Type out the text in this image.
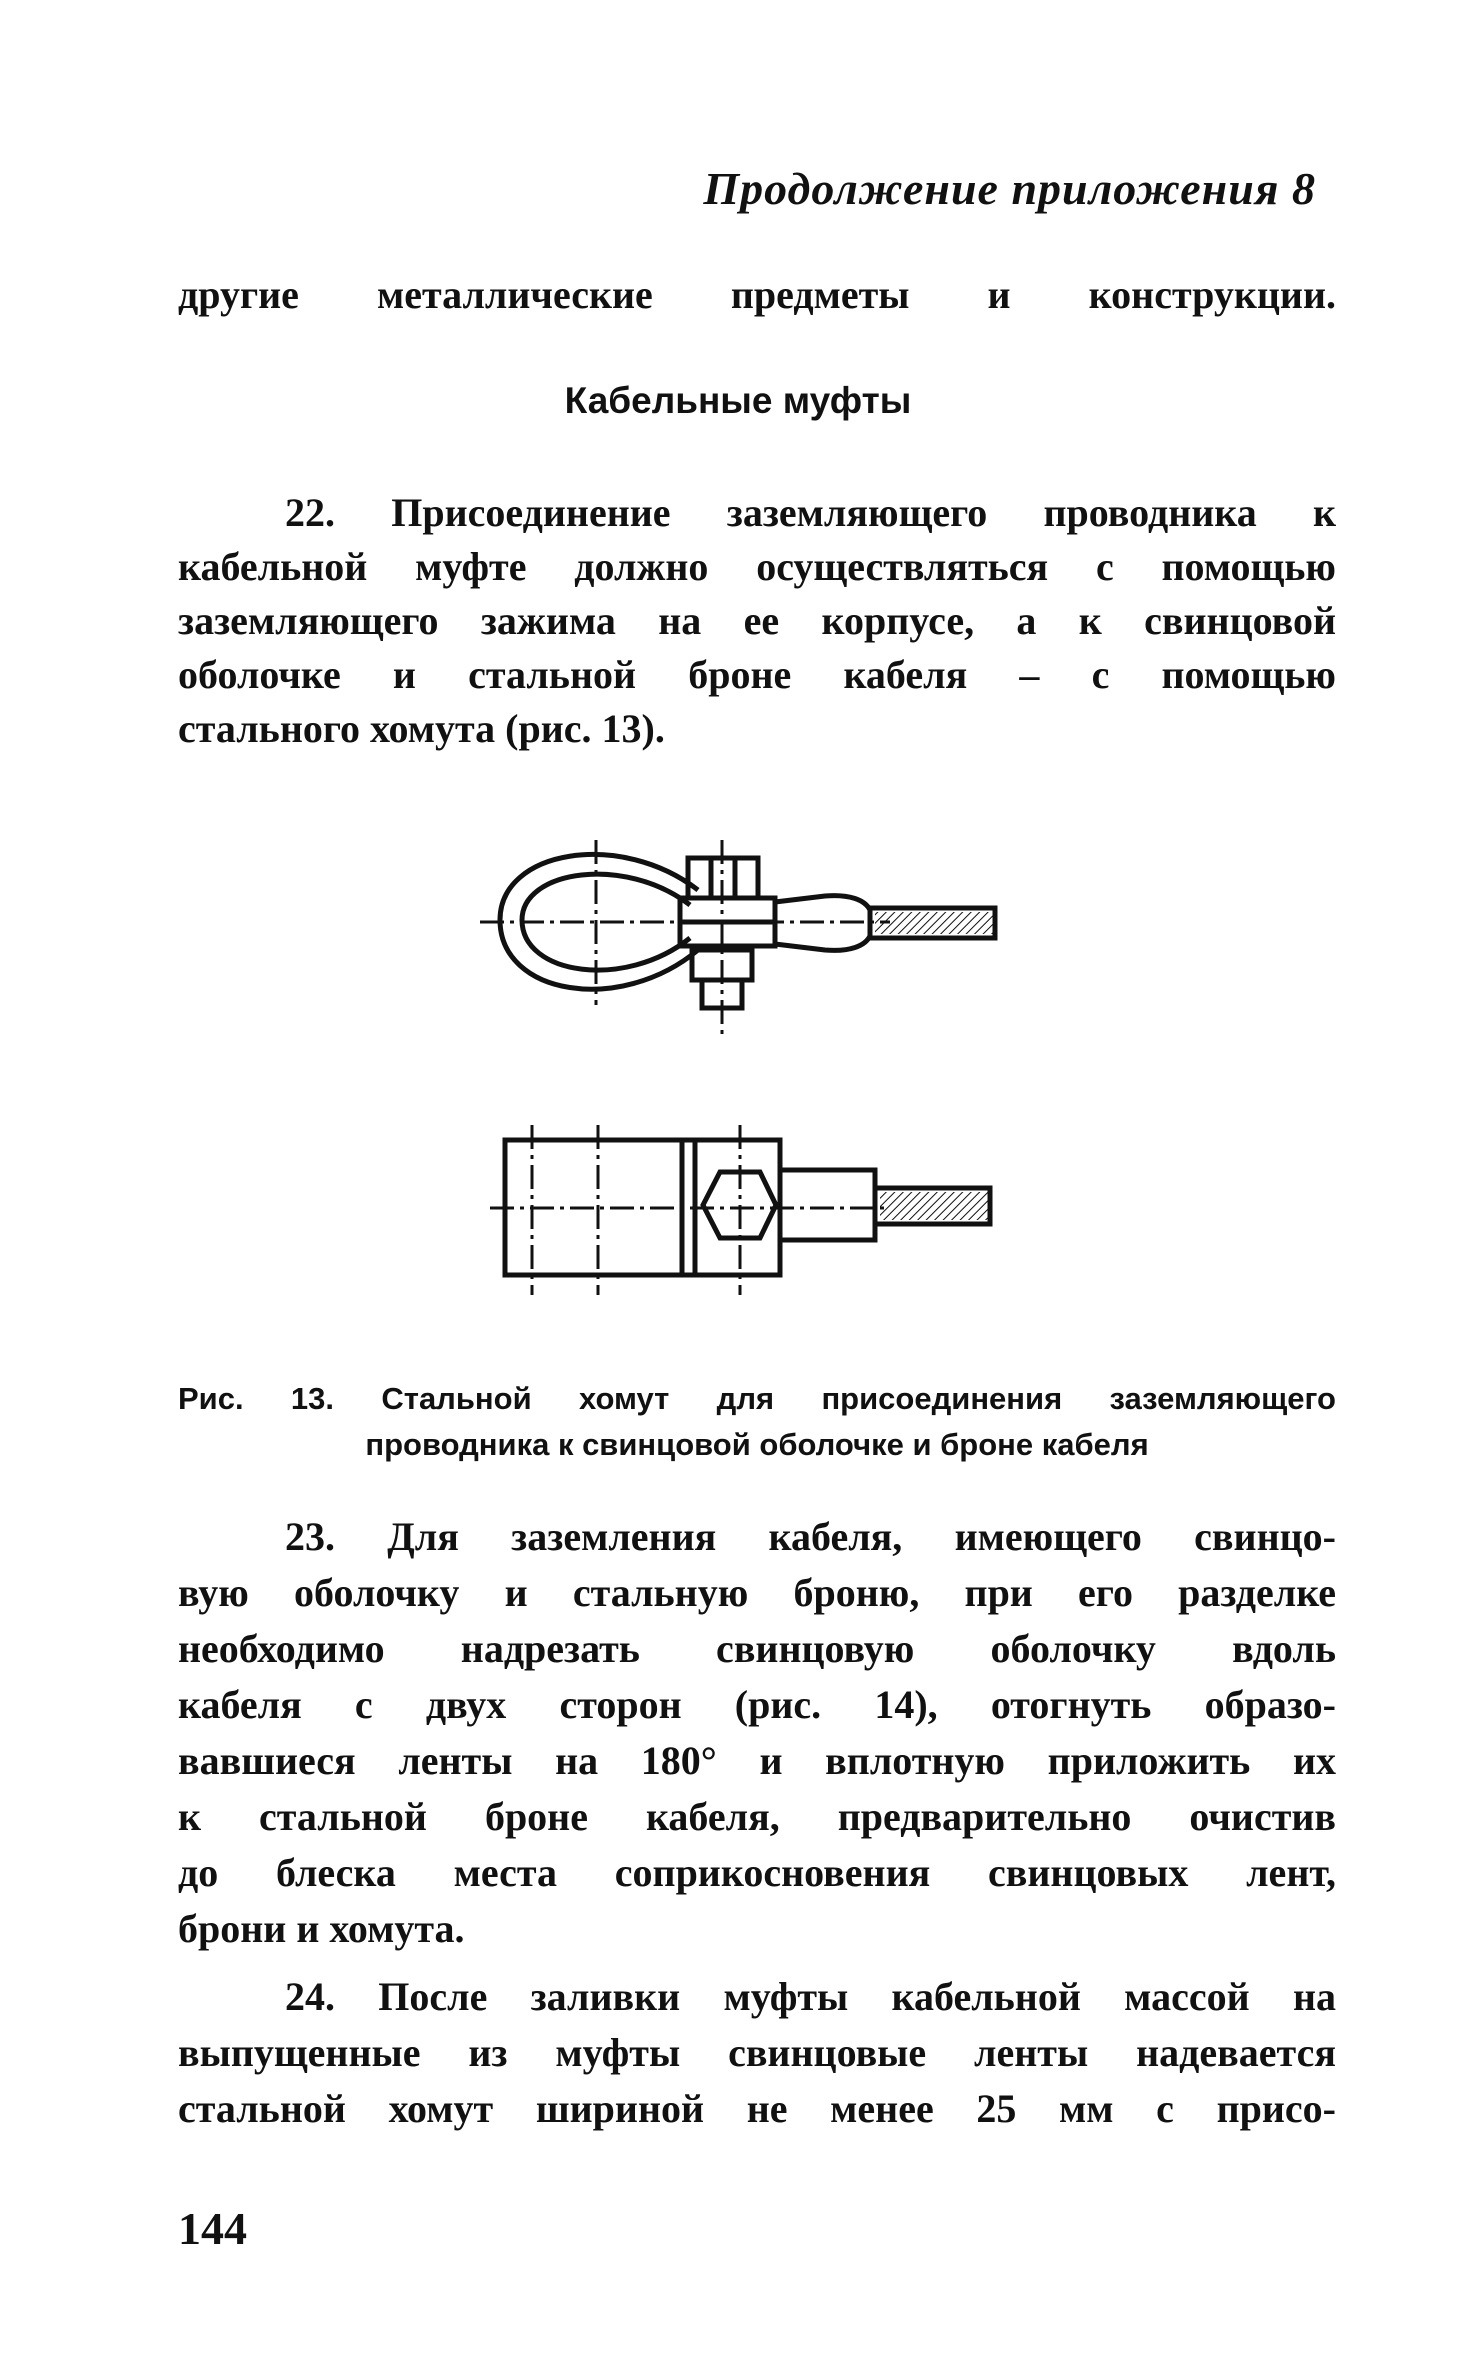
Продолжение приложения 8
другие металлические предметы и конструкции.
Кабельные муфты
22. Присоединение заземляющего проводника к
кабельной муфте должно осуществляться с помощью
заземляющего зажима на ее корпусе, а к свинцовой
оболочке и стальной броне кабеля – с помощью
стального хомута (рис. 13).
Рис. 13. Стальной хомут для присоединения заземляющего
проводника к свинцовой оболочке и броне кабеля
23. Для заземления кабеля, имеющего свинцо-
вую оболочку и стальную броню, при его разделке
необходимо надрезать свинцовую оболочку вдоль
кабеля с двух сторон (рис. 14), отогнуть образо-
вавшиеся ленты на 180° и вплотную приложить их
к стальной броне кабеля, предварительно очистив
до блеска места соприкосновения свинцовых лент,
брони и хомута.
24. После заливки муфты кабельной массой на
выпущенные из муфты свинцовые ленты надевается
стальной хомут шириной не менее 25 мм с присо-
144
